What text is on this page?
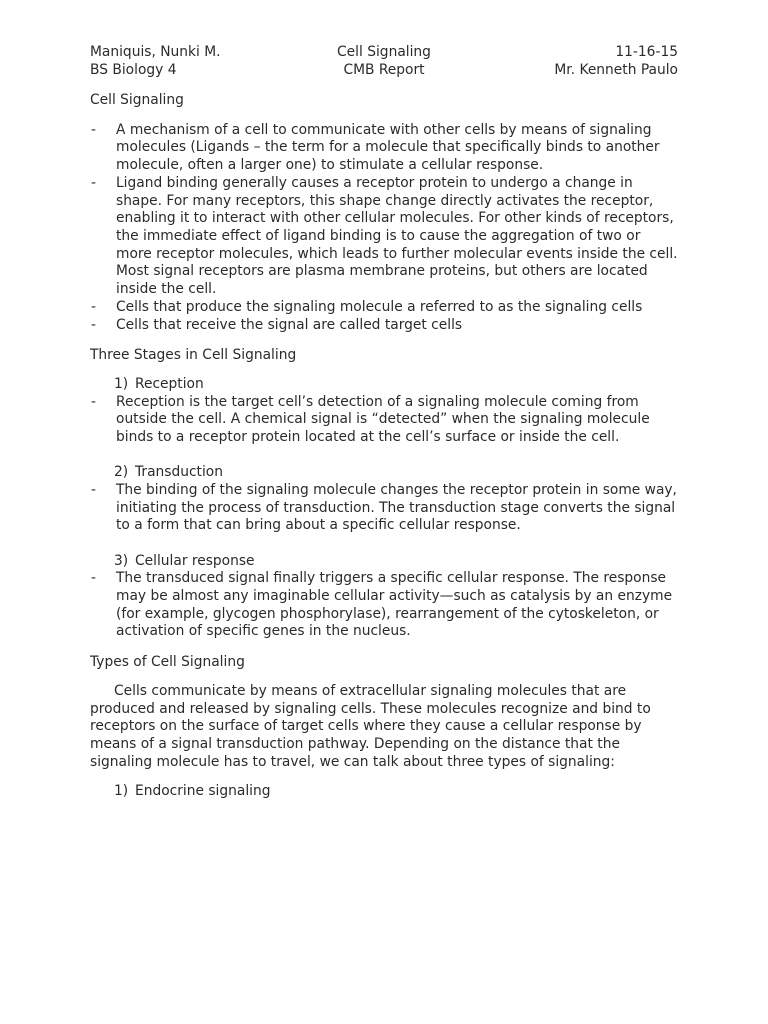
Maniquis, Nunki M.
BS Biology 4
Cell Signaling
CMB Report
11-16-15
Mr. Kenneth Paulo
Cell Signaling
- A mechanism of a cell to communicate with other cells by means of signaling molecules (Ligands – the term for a molecule that specifically binds to another molecule, often a larger one) to stimulate a cellular response.
- Ligand binding generally causes a receptor protein to undergo a change in shape. For many receptors, this shape change directly activates the receptor, enabling it to interact with other cellular molecules. For other kinds of receptors, the immediate effect of ligand binding is to cause the aggregation of two or more receptor molecules, which leads to further molecular events inside the cell. Most signal receptors are plasma membrane proteins, but others are located inside the cell.
- Cells that produce the signaling molecule a referred to as the signaling cells
- Cells that receive the signal are called target cells
Three Stages in Cell Signaling
1) Reception
- Reception is the target cell’s detection of a signaling molecule coming from outside the cell. A chemical signal is “detected” when the signaling molecule binds to a receptor protein located at the cell’s surface or inside the cell.
2) Transduction
- The binding of the signaling molecule changes the receptor protein in some way, initiating the process of transduction. The transduction stage converts the signal to a form that can bring about a specific cellular response.
3) Cellular response
- The transduced signal finally triggers a specific cellular response. The response may be almost any imaginable cellular activity—such as catalysis by an enzyme (for example, glycogen phosphorylase), rearrangement of the cytoskeleton, or activation of specific genes in the nucleus.
Types of Cell Signaling

Cells communicate by means of extracellular signaling molecules that are produced and released by signaling cells. These molecules recognize and bind to receptors on the surface of target cells where they cause a cellular response by means of a signal transduction pathway. Depending on the distance that the signaling molecule has to travel, we can talk about three types of signaling:

1) Endocrine signaling
